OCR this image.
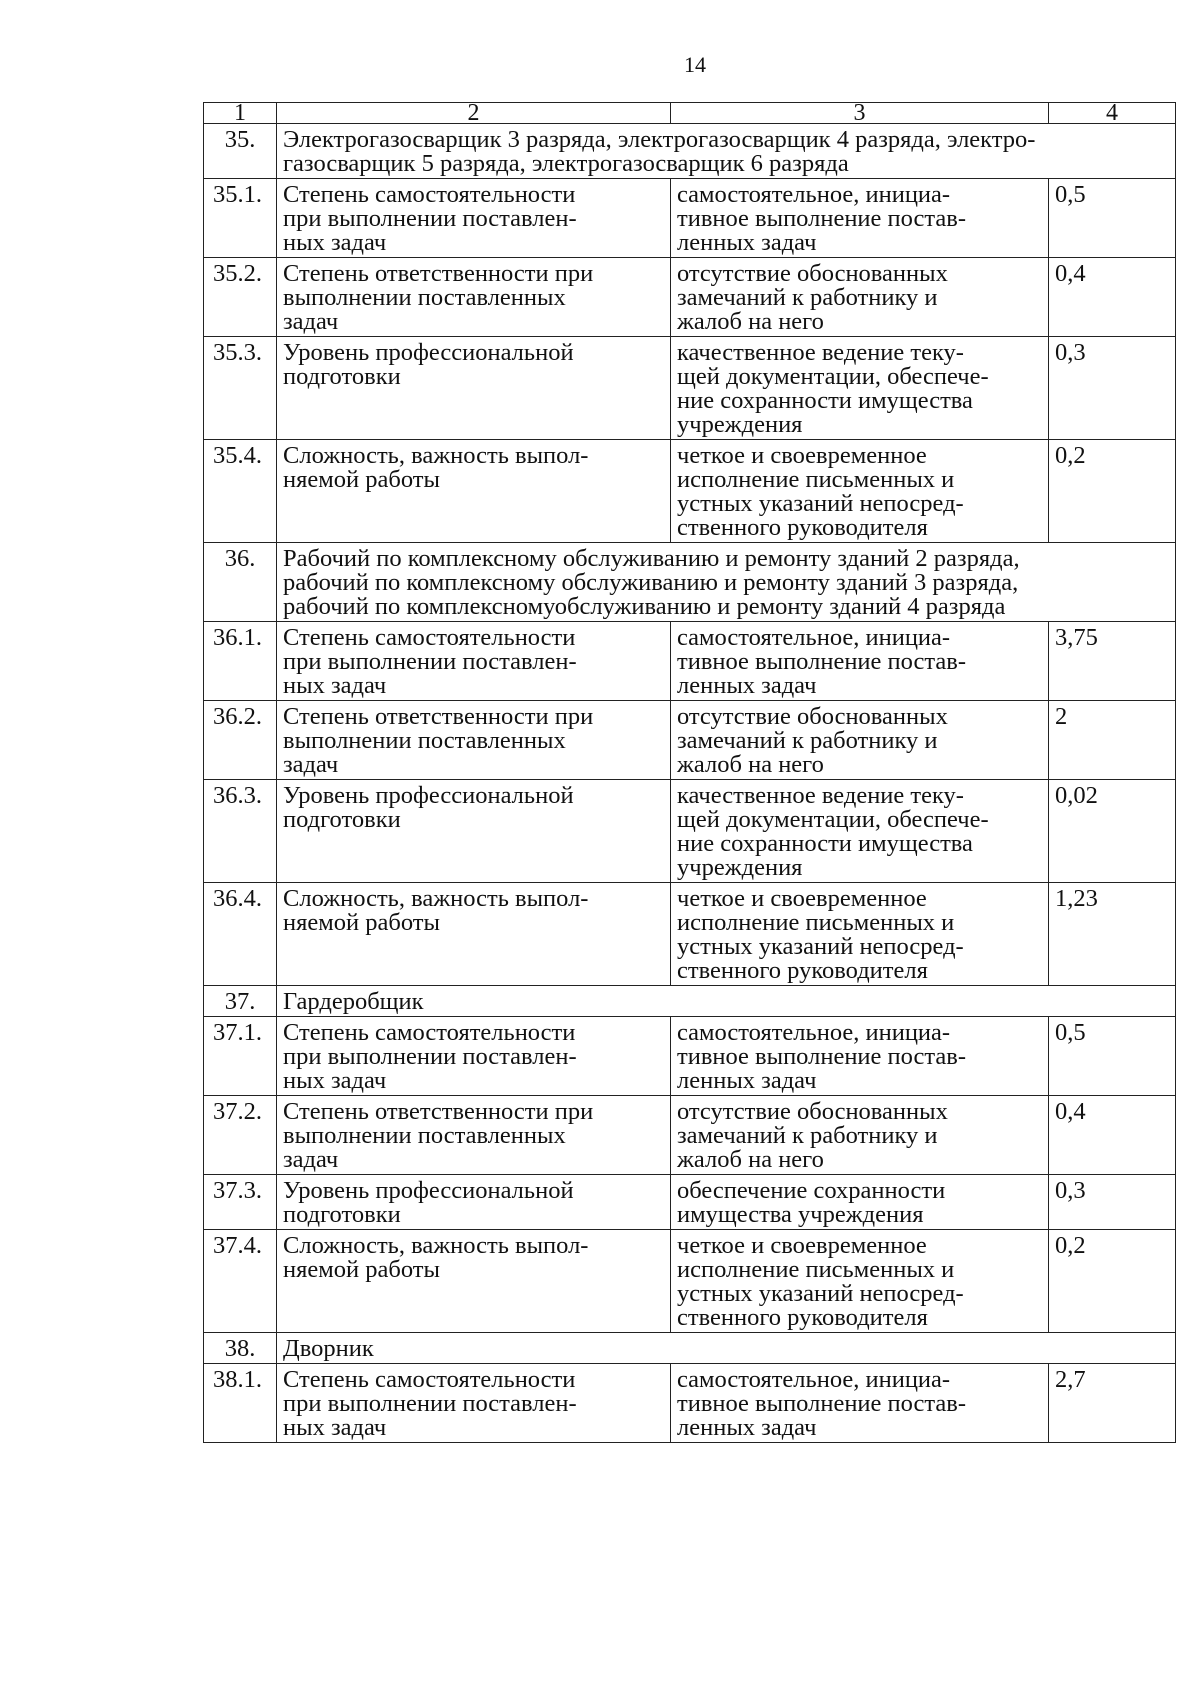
14
1	2	3	4
35.	Электрогазосварщик 3 разряда, электрогазосварщик 4 разряда, электро-
газосварщик 5 разряда, электрогазосварщик 6 разряда		
35.1.	Степень самостоятельности
при выполнении поставлен-
ных задач	самостоятельное, инициа-
тивное выполнение постав-
ленных задач	0,5
35.2.	Степень ответственности при
выполнении поставленных
задач	отсутствие обоснованных
замечаний к работнику и
жалоб на него	0,4
35.3.	Уровень профессиональной
подготовки	качественное ведение теку-
щей документации, обеспече-
ние сохранности имущества
учреждения	0,3
35.4.	Сложность, важность выпол-
няемой работы	четкое и своевременное
исполнение письменных и
устных указаний непосред-
ственного руководителя	0,2
36.	Рабочий по комплексному обслуживанию и ремонту зданий 2 разряда,
рабочий по комплексному обслуживанию и ремонту зданий 3 разряда,
рабочий по комплексномуобслуживанию и ремонту зданий 4 разряда		
36.1.	Степень самостоятельности
при выполнении поставлен-
ных задач	самостоятельное, инициа-
тивное выполнение постав-
ленных задач	3,75
36.2.	Степень ответственности при
выполнении поставленных
задач	отсутствие обоснованных
замечаний к работнику и
жалоб на него	2
36.3.	Уровень профессиональной
подготовки	качественное ведение теку-
щей документации, обеспече-
ние сохранности имущества
учреждения	0,02
36.4.	Сложность, важность выпол-
няемой работы	четкое и своевременное
исполнение письменных и
устных указаний непосред-
ственного руководителя	1,23
37.	Гардеробщик		
37.1.	Степень самостоятельности
при выполнении поставлен-
ных задач	самостоятельное, инициа-
тивное выполнение постав-
ленных задач	0,5
37.2.	Степень ответственности при
выполнении поставленных
задач	отсутствие обоснованных
замечаний к работнику и
жалоб на него	0,4
37.3.	Уровень профессиональной
подготовки	обеспечение сохранности
имущества учреждения	0,3
37.4.	Сложность, важность выпол-
няемой работы	четкое и своевременное
исполнение письменных и
устных указаний непосред-
ственного руководителя	0,2
38.	Дворник		
38.1.	Степень самостоятельности
при выполнении поставлен-
ных задач	самостоятельное, инициа-
тивное выполнение постав-
ленных задач	2,7
